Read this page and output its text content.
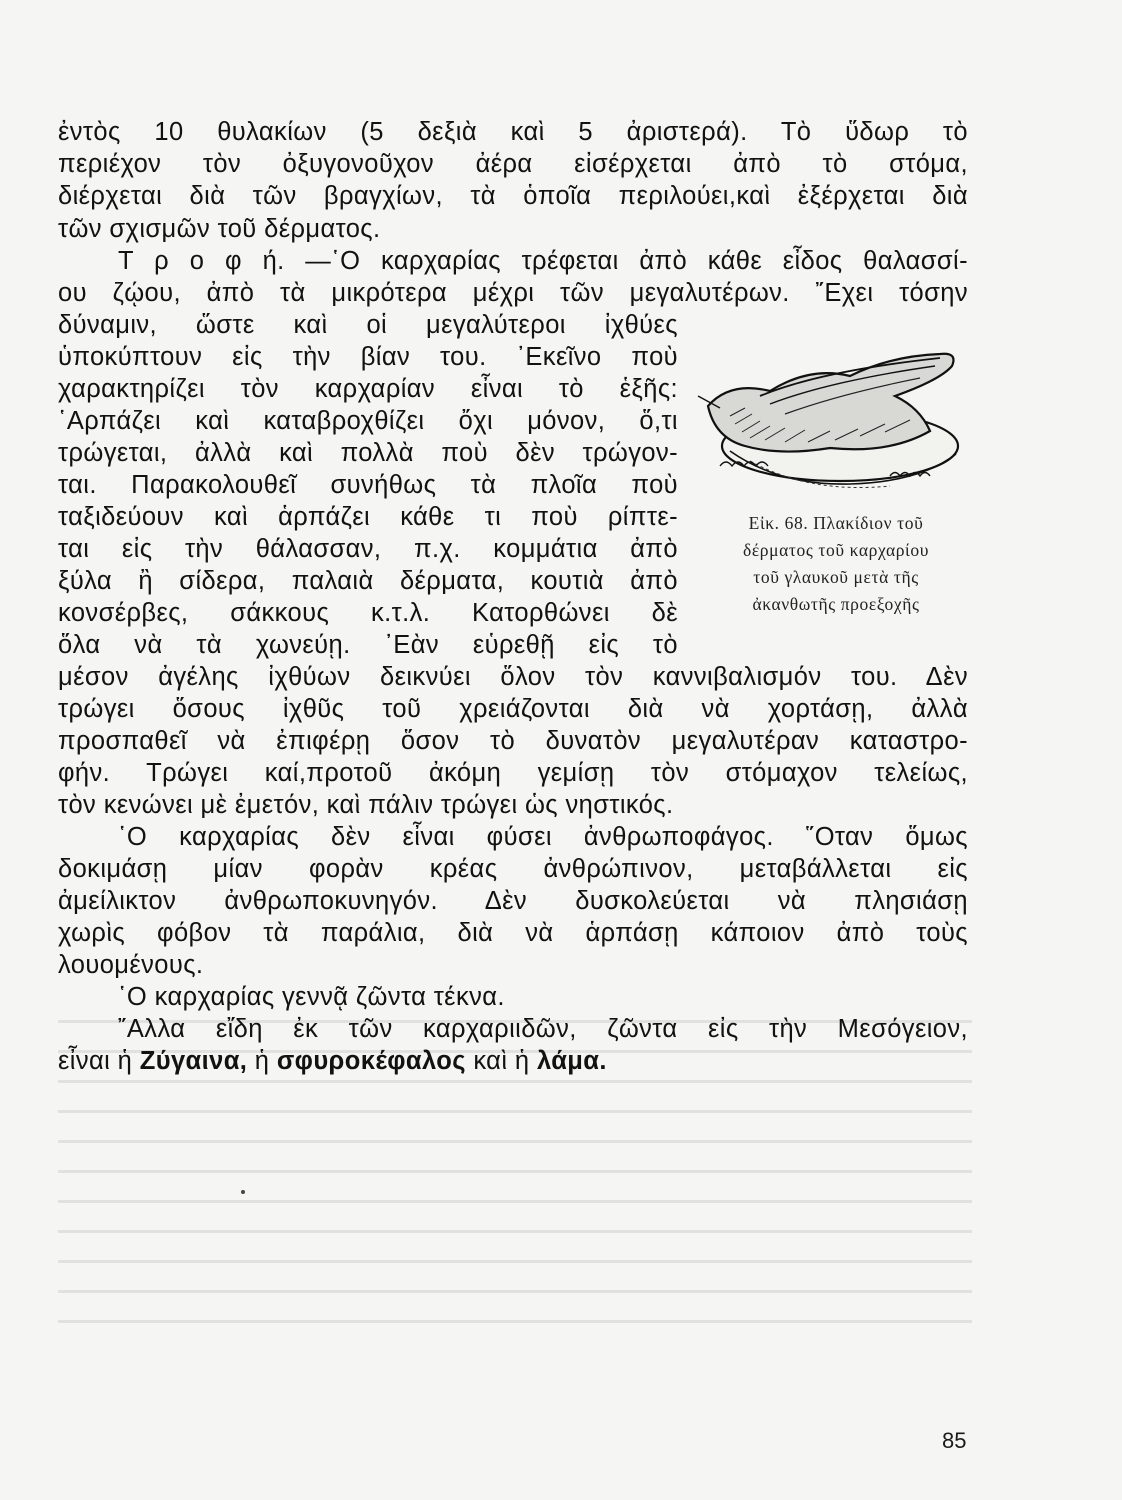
ἐντὸς 10 θυλακίων (5 δεξιὰ καὶ 5 ἀριστερά). Τὸ ὕδωρ τὸ

περιέχον τὸν ὀξυγονοῦχον ἀέρα εἰσέρχεται ἀπὸ τὸ στόμα,

διέρχεται διὰ τῶν βραγχίων, τὰ ὁποῖα περιλούει,καὶ ἐξέρχεται διὰ

τῶν σχισμῶν τοῦ δέρματος.

Τ ρ ο φ ή. —῾Ο καρχαρίας τρέφεται ἀπὸ κάθε εἶδος θαλασσί-

ου ζῴου, ἀπὸ τὰ μικρότερα μέχρι τῶν μεγαλυτέρων. ῎Εχει τόσην

δύναμιν, ὥστε καὶ οἱ μεγαλύτεροι ἰχθύες

ὑποκύπτουν εἰς τὴν βίαν του. ᾽Εκεῖνο ποὺ

χαρακτηρίζει τὸν καρχαρίαν εἶναι τὸ ἑξῆς:

῾Αρπάζει καὶ καταβροχθίζει ὄχι μόνον, ὅ,τι

τρώγεται, ἀλλὰ καὶ πολλὰ ποὺ δὲν τρώγον-

ται. Παρακολουθεῖ συνήθως τὰ πλοῖα ποὺ

ταξιδεύουν καὶ ἁρπάζει κάθε τι ποὺ ρίπτε-

ται εἰς τὴν θάλασσαν, π.χ. κομμάτια ἀπὸ

ξύλα ἢ σίδερα, παλαιὰ δέρματα, κουτιὰ ἀπὸ

κονσέρβες, σάκκους κ.τ.λ. Κατορθώνει δὲ

ὅλα νὰ τὰ χωνεύῃ. ᾽Εὰν εὑρεθῇ εἰς τὸ

μέσον ἀγέλης ἰχθύων δεικνύει ὅλον τὸν καννιβαλισμόν του. Δὲν

τρώγει ὅσους ἰχθῦς τοῦ χρειάζονται διὰ νὰ χορτάσῃ, ἀλλὰ

προσπαθεῖ νὰ ἐπιφέρῃ ὅσον τὸ δυνατὸν μεγαλυτέραν καταστρο-

φήν. Τρώγει καί,προτοῦ ἀκόμη γεμίσῃ τὸν στόμαχον τελείως,

τὸν κενώνει μὲ ἐμετόν, καὶ πάλιν τρώγει ὡς νηστικός.

῾Ο καρχαρίας δὲν εἶναι φύσει ἀνθρωποφάγος. ῞Οταν ὅμως

δοκιμάσῃ μίαν φορὰν κρέας ἀνθρώπινον, μεταβάλλεται εἰς

ἀμείλικτον ἀνθρωποκυνηγόν. Δὲν δυσκολεύεται νὰ πλησιάσῃ

χωρὶς φόβον τὰ παράλια, διὰ νὰ ἁρπάσῃ κάποιον ἀπὸ τοὺς

λουομένους.

῾Ο καρχαρίας γεννᾷ ζῶντα τέκνα.

῎Αλλα εἴδη ἐκ τῶν καρχαριιδῶν, ζῶντα εἰς τὴν Μεσόγειον,

εἶναι ἡ Ζύγαινα, ἡ σφυροκέφαλος καὶ ἡ λάμα.

Εἰκ. 68. Πλακίδιον τοῦ
δέρματος τοῦ καρχαρίου
τοῦ γλαυκοῦ μετὰ τῆς
ἀκανθωτῆς προεξοχῆς
85
